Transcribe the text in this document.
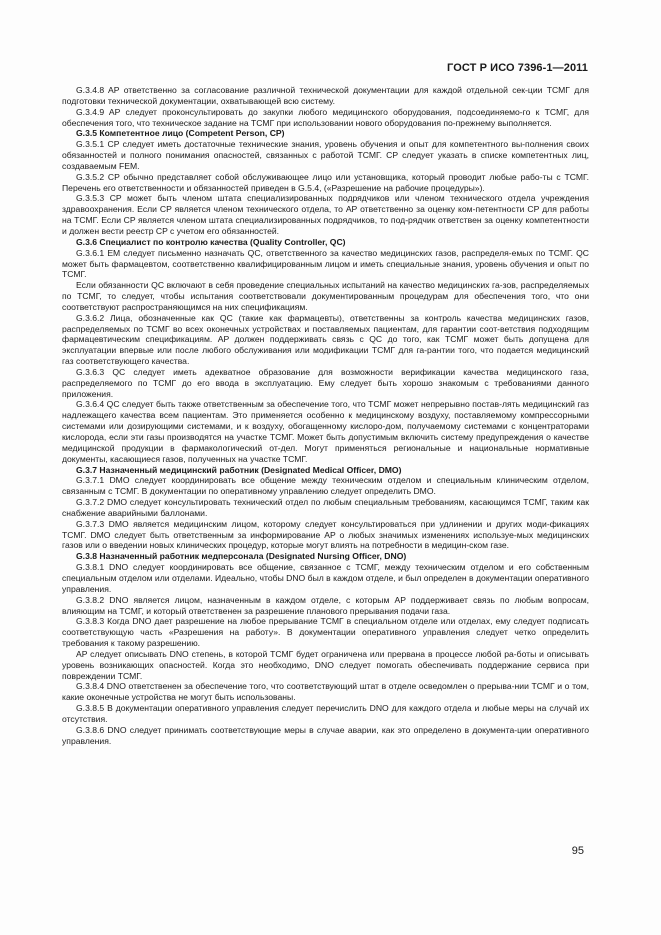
ГОСТ Р ИСО 7396-1—2011

G.3.4.8 AP ответственно за согласование различной технической документации для каждой отдельной сек-ции ТСМГ для подготовки технической документации, охватывающей всю систему.

G.3.4.9 AP следует проконсультировать до закупки любого медицинского оборудования, подсоединяемо-го к ТСМГ, для обеспечения того, что техническое задание на ТСМГ при использовании нового оборудования по-прежнему выполняется.

G.3.5 Компетентное лицо (Competent Person, CP)

G.3.5.1 CP следует иметь достаточные технические знания, уровень обучения и опыт для компетентного вы-полнения своих обязанностей и полного понимания опасностей, связанных с работой ТСМГ. CP следует указать в списке компетентных лиц, создаваемым FEM.

G.3.5.2 CP обычно представляет собой обслуживающее лицо или установщика, который проводит любые рабо-ты с ТСМГ. Перечень его ответственности и обязанностей приведен в G.5.4, («Разрешение на рабочие процедуры»).

G.3.5.3 CP может быть членом штата специализированных подрядчиков или членом технического отдела учреждения здравоохранения. Если CP является членом технического отдела, то AP ответственно за оценку ком-петентности CP для работы на ТСМГ. Если CP является членом штата специализированных подрядчиков, то под-рядчик ответствен за оценку компетентности и должен вести реестр CP с учетом его обязанностей.

G.3.6 Специалист по контролю качества (Quality Controller, QC)

G.3.6.1 EM следует письменно назначать QC, ответственного за качество медицинских газов, распределя-емых по ТСМГ. QC может быть фармацевтом, соответственно квалифицированным лицом и иметь специальные знания, уровень обучения и опыт по ТСМГ.

Если обязанности QC включают в себя проведение специальных испытаний на качество медицинских га-зов, распределяемых по ТСМГ, то следует, чтобы испытания соответствовали документированным процедурам для обеспечения того, что они соответствуют распространяющимся на них спецификациям.

G.3.6.2 Лица, обозначенные как QC (такие как фармацевты), ответственны за контроль качества медицинских газов, распределяемых по ТСМГ во всех оконечных устройствах и поставляемых пациентам, для гарантии соот-ветствия подходящим фармацевтическим спецификациям. AP должен поддерживать связь с QC до того, как ТСМГ может быть допущена для эксплуатации впервые или после любого обслуживания или модификации ТСМГ для га-рантии того, что подается медицинский газ соответствующего качества.

G.3.6.3 QC следует иметь адекватное образование для возможности верификации качества медицинского газа, распределяемого по ТСМГ до его ввода в эксплуатацию. Ему следует быть хорошо знакомым с требованиями данного приложения.

G.3.6.4 QC следует быть также ответственным за обеспечение того, что ТСМГ может непрерывно постав-лять медицинский газ надлежащего качества всем пациентам. Это применяется особенно к медицинскому воздуху, поставляемому компрессорными системами или дозирующими системами, и к воздуху, обогащенному кислоро-дом, получаемому системами с концентраторами кислорода, если эти газы производятся на участке ТСМГ. Может быть допустимым включить систему предупреждения о качестве медицинской продукции в фармакологический от-дел. Могут применяться региональные и национальные нормативные документы, касающиеся газов, полученных на участке ТСМГ.

G.3.7 Назначенный медицинский работник (Designated Medical Officer, DMO)

G.3.7.1 DMO следует координировать все общение между техническим отделом и специальным клиническим отделом, связанным с ТСМГ. В документации по оперативному управлению следует определить DMO.

G.3.7.2 DMO следует консультировать технический отдел по любым специальным требованиям, касающимся ТСМГ, таким как снабжение аварийными баллонами.

G.3.7.3 DMO является медицинским лицом, которому следует консультироваться при удлинении и других моди-фикациях ТСМГ. DMO следует быть ответственным за информирование AP о любых значимых изменениях используе-мых медицинских газов или о введении новых клинических процедур, которые могут влиять на потребности в медицин-ском газе.

G.3.8 Назначенный работник медперсонала (Designated Nursing Officer, DNO)

G.3.8.1 DNO следует координировать все общение, связанное с ТСМГ, между техническим отделом и его собственным специальным отделом или отделами. Идеально, чтобы DNO был в каждом отделе, и был определен в документации оперативного управления.

G.3.8.2 DNO является лицом, назначенным в каждом отделе, с которым AP поддерживает связь по любым вопросам, влияющим на ТСМГ, и который ответственен за разрешение планового прерывания подачи газа.

G.3.8.3 Когда DNO дает разрешение на любое прерывание ТСМГ в специальном отделе или отделах, ему следует подписать соответствующую часть «Разрешения на работу». В документации оперативного управления следует четко определить требования к такому разрешению.

AP следует описывать DNO степень, в которой ТСМГ будет ограничена или прервана в процессе любой ра-боты и описывать уровень возникающих опасностей. Когда это необходимо, DNO следует помогать обеспечивать поддержание сервиса при повреждении ТСМГ.

G.3.8.4 DNO ответственен за обеспечение того, что соответствующий штат в отделе осведомлен о прерыва-нии ТСМГ и о том, какие оконечные устройства не могут быть использованы.

G.3.8.5 В документации оперативного управления следует перечислить DNO для каждого отдела и любые меры на случай их отсутствия.

G.3.8.6 DNO следует принимать соответствующие меры в случае аварии, как это определено в документа-ции оперативного управления.

95
